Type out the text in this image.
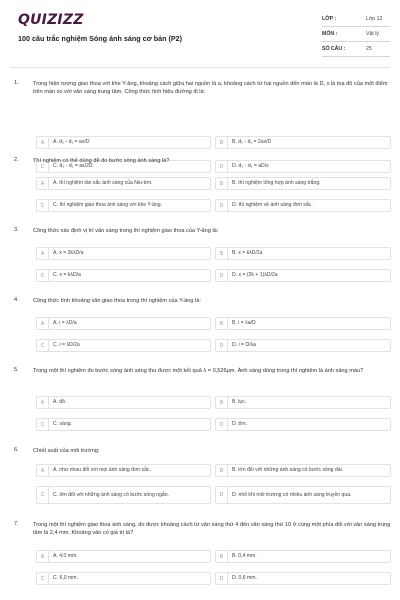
QUIZIZZ
100 câu trắc nghiệm Sóng ánh sáng cơ bản (P2)
LỚP :	Lớp 12
MÔN :	Vật lý
SỐ CÂU :	25
1.	Trong hiện tượng giao thoa với khe Y-âng, khoảng cách giữa hai nguồn là a, khoảng cách từ hai nguồn đến màn là D, x là toạ độ của một điểm trên màn so với vân sáng trung tâm. Công thức tính hiệu đường đi là:
A	A. d₂ - d₁ = ax/D	B	B. d₂ - d₁ = 2ax/D
C	C. d₂ - d₁ = ax/2D	D	D. d₂ - d₁ = aD/x
2.	Thí nghiệm có thể dùng để đo bước sóng ánh sáng là?
A	A. thí nghiệm tán sắc ánh sáng của Niu-tơn.	B	B. thí nghiệm tổng hợp ánh sáng trắng.
C	C. thí nghiệm giao thoa ánh sáng với khe Y-âng.	D	D. thí nghiệm về ánh sáng đơn sắc.
3.	Công thức xác định vị trí vân sáng trong thí nghiệm giao thoa của Y-âng là:
A	A. x = 2kλD/a	B	B. x = kλD/2a
C	C. x = kλD/a	D	D. x = (2k + 1)λD/2a
4.	Công thức tính khoảng vân giao thoa trong thí nghiệm của Y-âng là:
A	A. i = λD/a	B	B. i = λa/D
C	C. i = λD/2a	D	D. i = D/λa
5.	Trong một thí nghiệm đo bước sóng ánh sáng thu được một kết quả λ = 0,526μm. Ánh sáng dùng trong thí nghiệm là ánh sáng màu?
A	A. đỏ.	B	B. lục.
C	C. vàng.	D	D. tím.
6.	Chiết suất của môi trường:
A	A. như nhau đối với mọi ánh sáng đơn sắc.	B	B. lớn đối với những ánh sáng có bước sóng dài.
C	C. lớn đối với những ánh sáng có bước sóng ngắn.	D	D. nhỏ khi môi trường có nhiều ánh sáng truyền qua.
7.	Trong một thí nghiệm giao thoa ánh sáng, đo được khoảng cách từ vân sáng thứ 4 đến vân sáng thứ 10 ở cùng một phía đối với vân sáng trung tâm là 2,4 mm. Khoảng vân có giá trị là?
A	A. 4,0 mm.	B	B. 0,4 mm.
C	C. 6,0 mm.	D	D. 0,6 mm.
